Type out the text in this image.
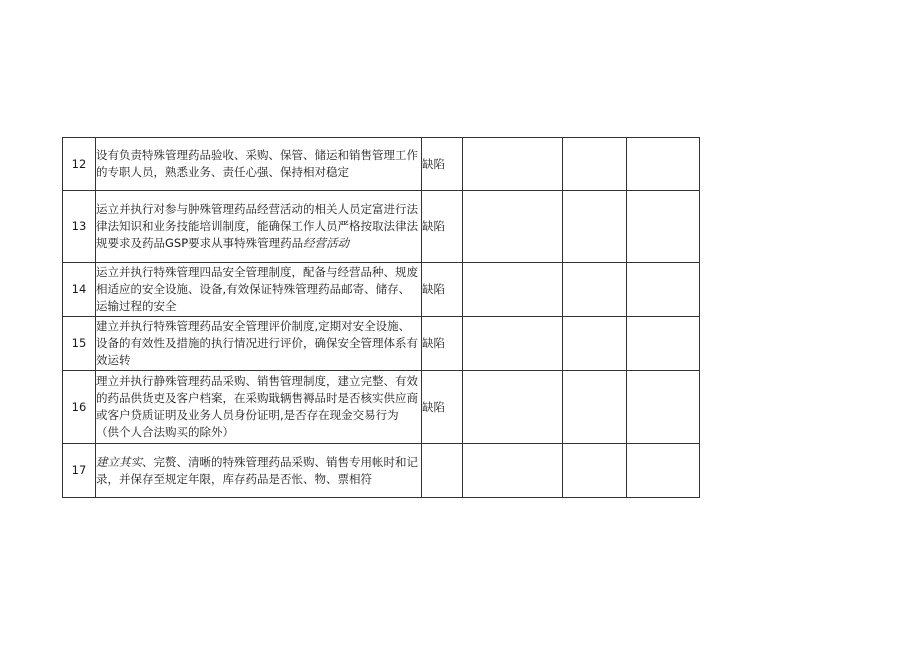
12	设有负责特殊管理药品验收、采购、保管、储运和销售管理工作的专职人员，熟悉业务、责任心强、保持相对稳定	缺陷			
13	运立并执行对参与肿殊管理药品经营活动的相关人员定富进行法律法知识和业务技能培训制度，能确保工作人员严格按取法律法规要求及药品GSP要求从事特殊管理药品经营活动	缺陷			
14	运立并执行特殊管理四品安全管理制度，配备与经营品种、规废相适应的安全设施、设备,有效保证特殊管理药品邮寄、储存、运输过程的安全	缺陷			
15	建立并执行特殊管理药品安全管理评价制度,定期对安全设施、设备的有效性及措施的执行情况进行评价，确保安全管理体系有效运转	缺陷			
16	理立并执行静殊管理药品采购、销售管理制度，建立完整、有效的药品供货吏及客户档案，在采购戢辆售褥品时是否核实供应商或客户贷质证明及业务人员身份证明,是否存在现金交易行为（供个人合法购买的除外）	缺陷			
17	建立其实、完赘、清晰的特殊管理药品采购、销售专用帐时和记录，并保存至规定年限，库存药品是否怅、物、票相符				
